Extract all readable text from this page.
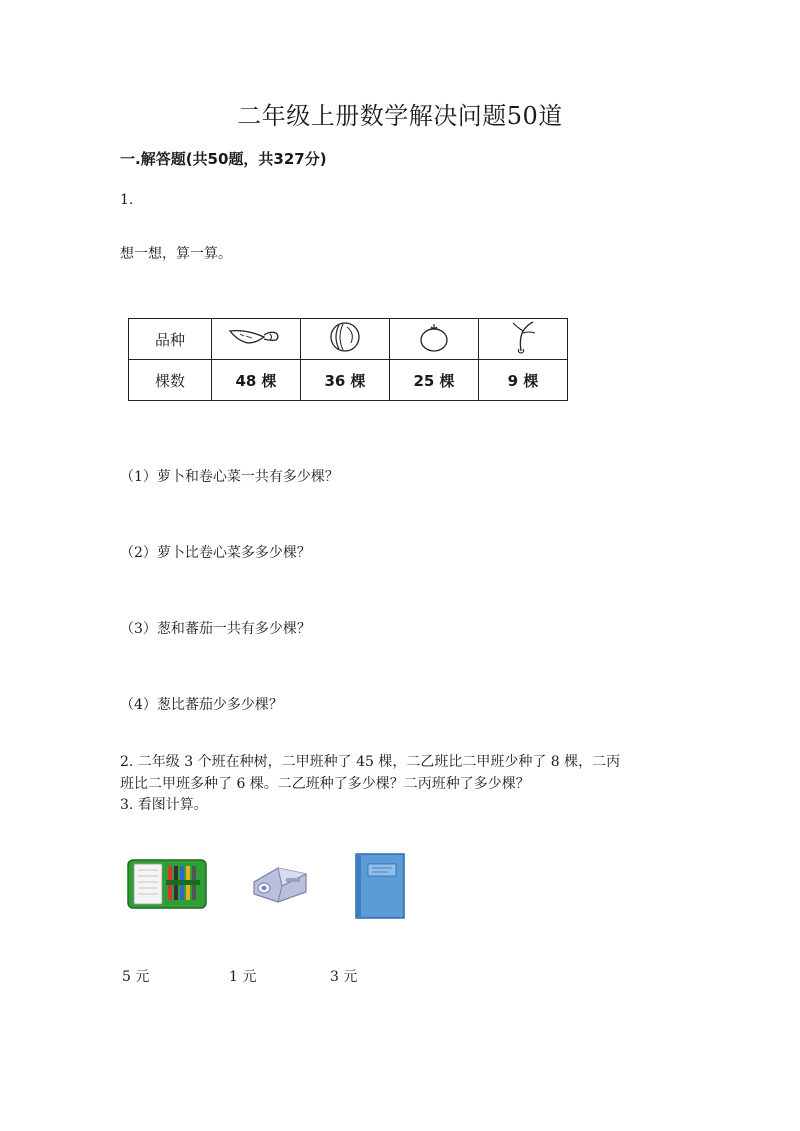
二年级上册数学解决问题50道
一.解答题(共50题，共327分)
1.
想一想，算一算。
品种				
棵数	48 棵	36 棵	25 棵	9 棵
（1）萝卜和卷心菜一共有多少棵？
（2）萝卜比卷心菜多多少棵？
（3）葱和蕃茄一共有多少棵？
（4）葱比蕃茄少多少棵？
2. 二年级 3 个班在种树，二甲班种了 45 棵，二乙班比二甲班少种了 8 棵，二丙
班比二甲班多种了 6 棵。二乙班种了多少棵？二丙班种了多少棵？
3. 看图计算。
5 元	1 元	3 元
